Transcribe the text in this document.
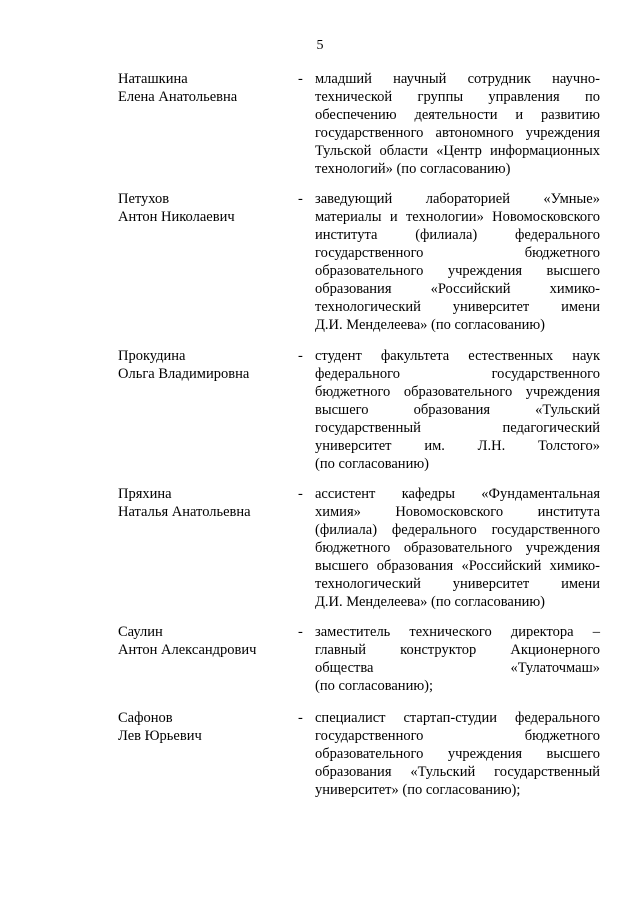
5
Наташкина
Елена Анатольевна
- младший научный сотрудник научно-
технической группы управления по
обеспечению деятельности и развитию
государственного автономного учреждения
Тульской области «Центр информационных
технологий» (по согласованию)
Петухов
Антон Николаевич
- заведующий лабораторией «Умные»
материалы и технологии» Новомосковского
института (филиала) федерального
государственного бюджетного
образовательного учреждения высшего
образования «Российский химико-
технологический университет имени
Д.И. Менделеева» (по согласованию)
Прокудина
Ольга Владимировна
- студент факультета естественных наук
федерального государственного
бюджетного образовательного учреждения
высшего образования «Тульский
государственный педагогический
университет им. Л.Н. Толстого»
(по согласованию)
Пряхина
Наталья Анатольевна
- ассистент кафедры «Фундаментальная
химия» Новомосковского института
(филиала) федерального государственного
бюджетного образовательного учреждения
высшего образования «Российский химико-
технологический университет имени
Д.И. Менделеева» (по согласованию)
Саулин
Антон Александрович
- заместитель технического директора –
главный конструктор Акционерного
общества «Тулаточмаш»
(по согласованию);
Сафонов
Лев Юрьевич
- специалист стартап-студии федерального
государственного бюджетного
образовательного учреждения высшего
образования «Тульский государственный
университет» (по согласованию);
